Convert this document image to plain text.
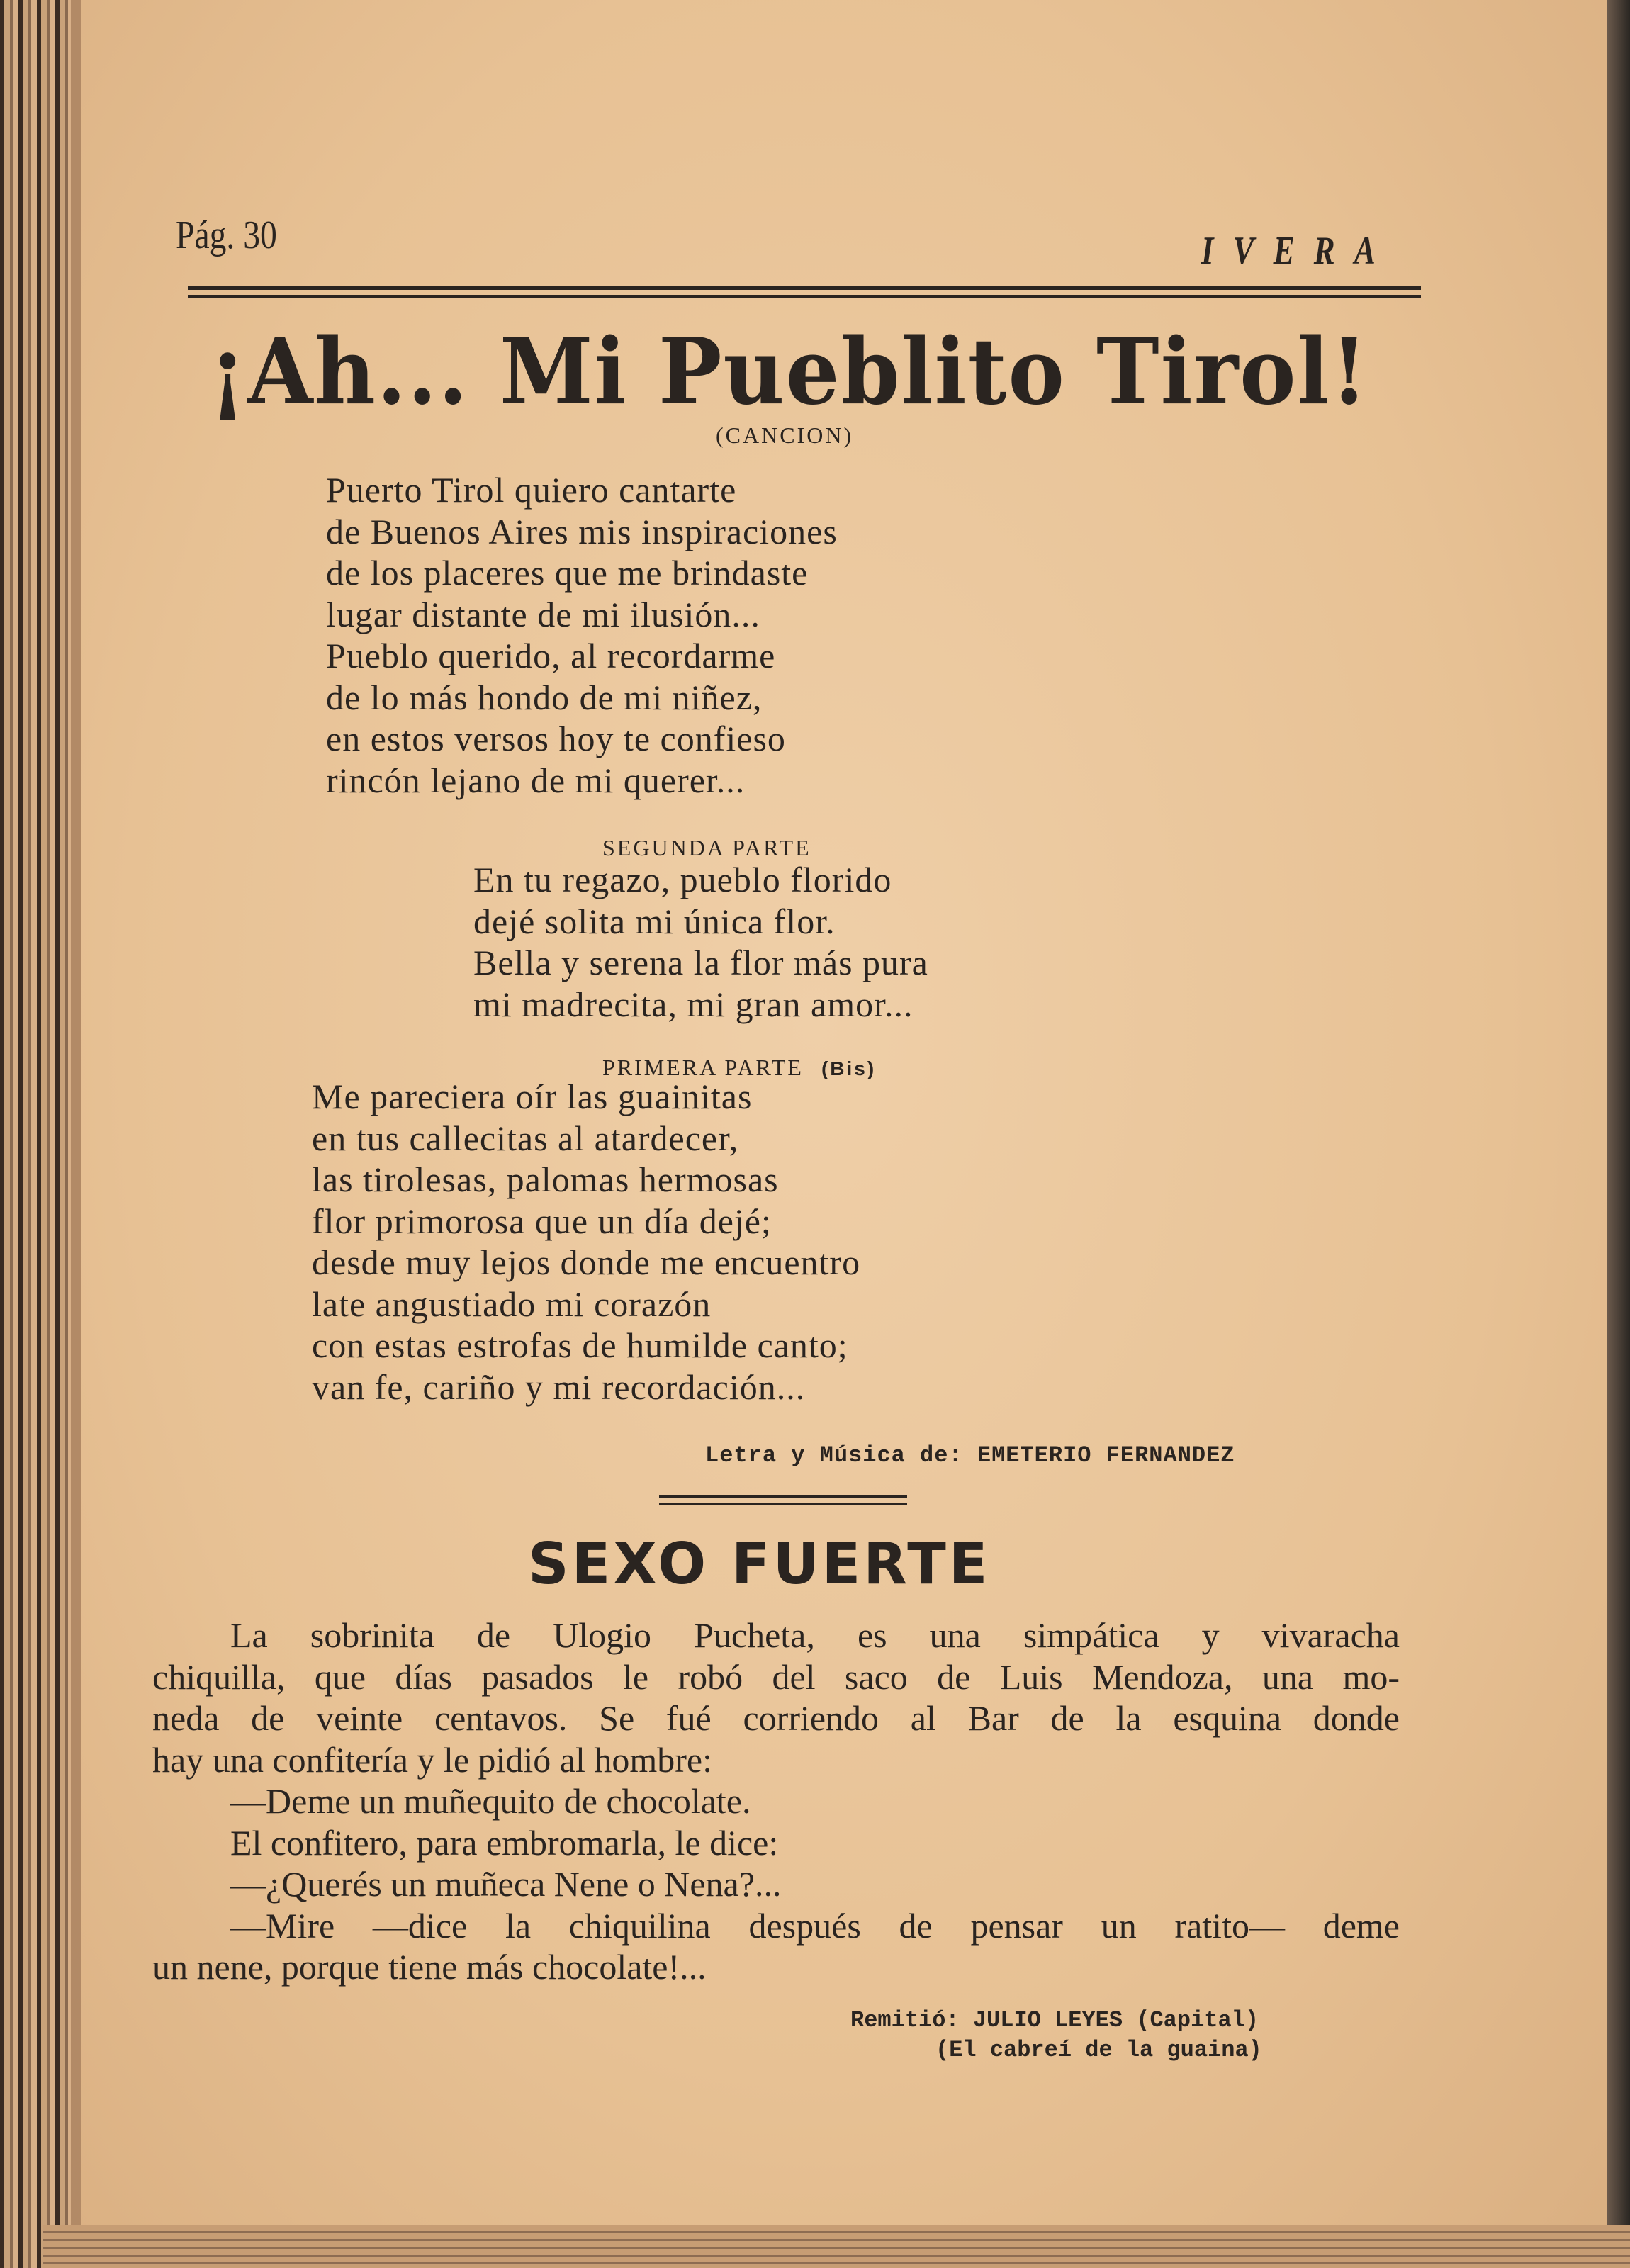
Pág. 30	IVERA
¡Ah... Mi Pueblito Tirol!
(CANCION)
Puerto Tirol quiero cantarte
de Buenos Aires mis inspiraciones
de los placeres que me brindaste
lugar distante de mi ilusión...
Pueblo querido, al recordarme
de lo más hondo de mi niñez,
en estos versos hoy te confieso
rincón lejano de mi querer...
SEGUNDA PARTE
En tu regazo, pueblo florido
dejé solita mi única flor.
Bella y serena la flor más pura
mi madrecita, mi gran amor...
PRIMERA PARTE (Bis)
Me pareciera oír las guainitas
en tus callecitas al atardecer,
las tirolesas, palomas hermosas
flor primorosa que un día dejé;
desde muy lejos donde me encuentro
late angustiado mi corazón
con estas estrofas de humilde canto;
van fe, cariño y mi recordación...
Letra y Música de: EMETERIO FERNANDEZ
SEXO FUERTE
La sobrinita de Ulogio Pucheta, es una simpática y vivaracha
chiquilla, que días pasados le robó del saco de Luis Mendoza, una mo-
neda de veinte centavos. Se fué corriendo al Bar de la esquina donde
hay una confitería y le pidió al hombre:
—Deme un muñequito de chocolate.
El confitero, para embromarla, le dice:
—¿Querés un muñeca Nene o Nena?...
—Mire —dice la chiquilina después de pensar un ratito— deme
un nene, porque tiene más chocolate!...
Remitió: JULIO LEYES (Capital)
(El cabreí de la guaina)
